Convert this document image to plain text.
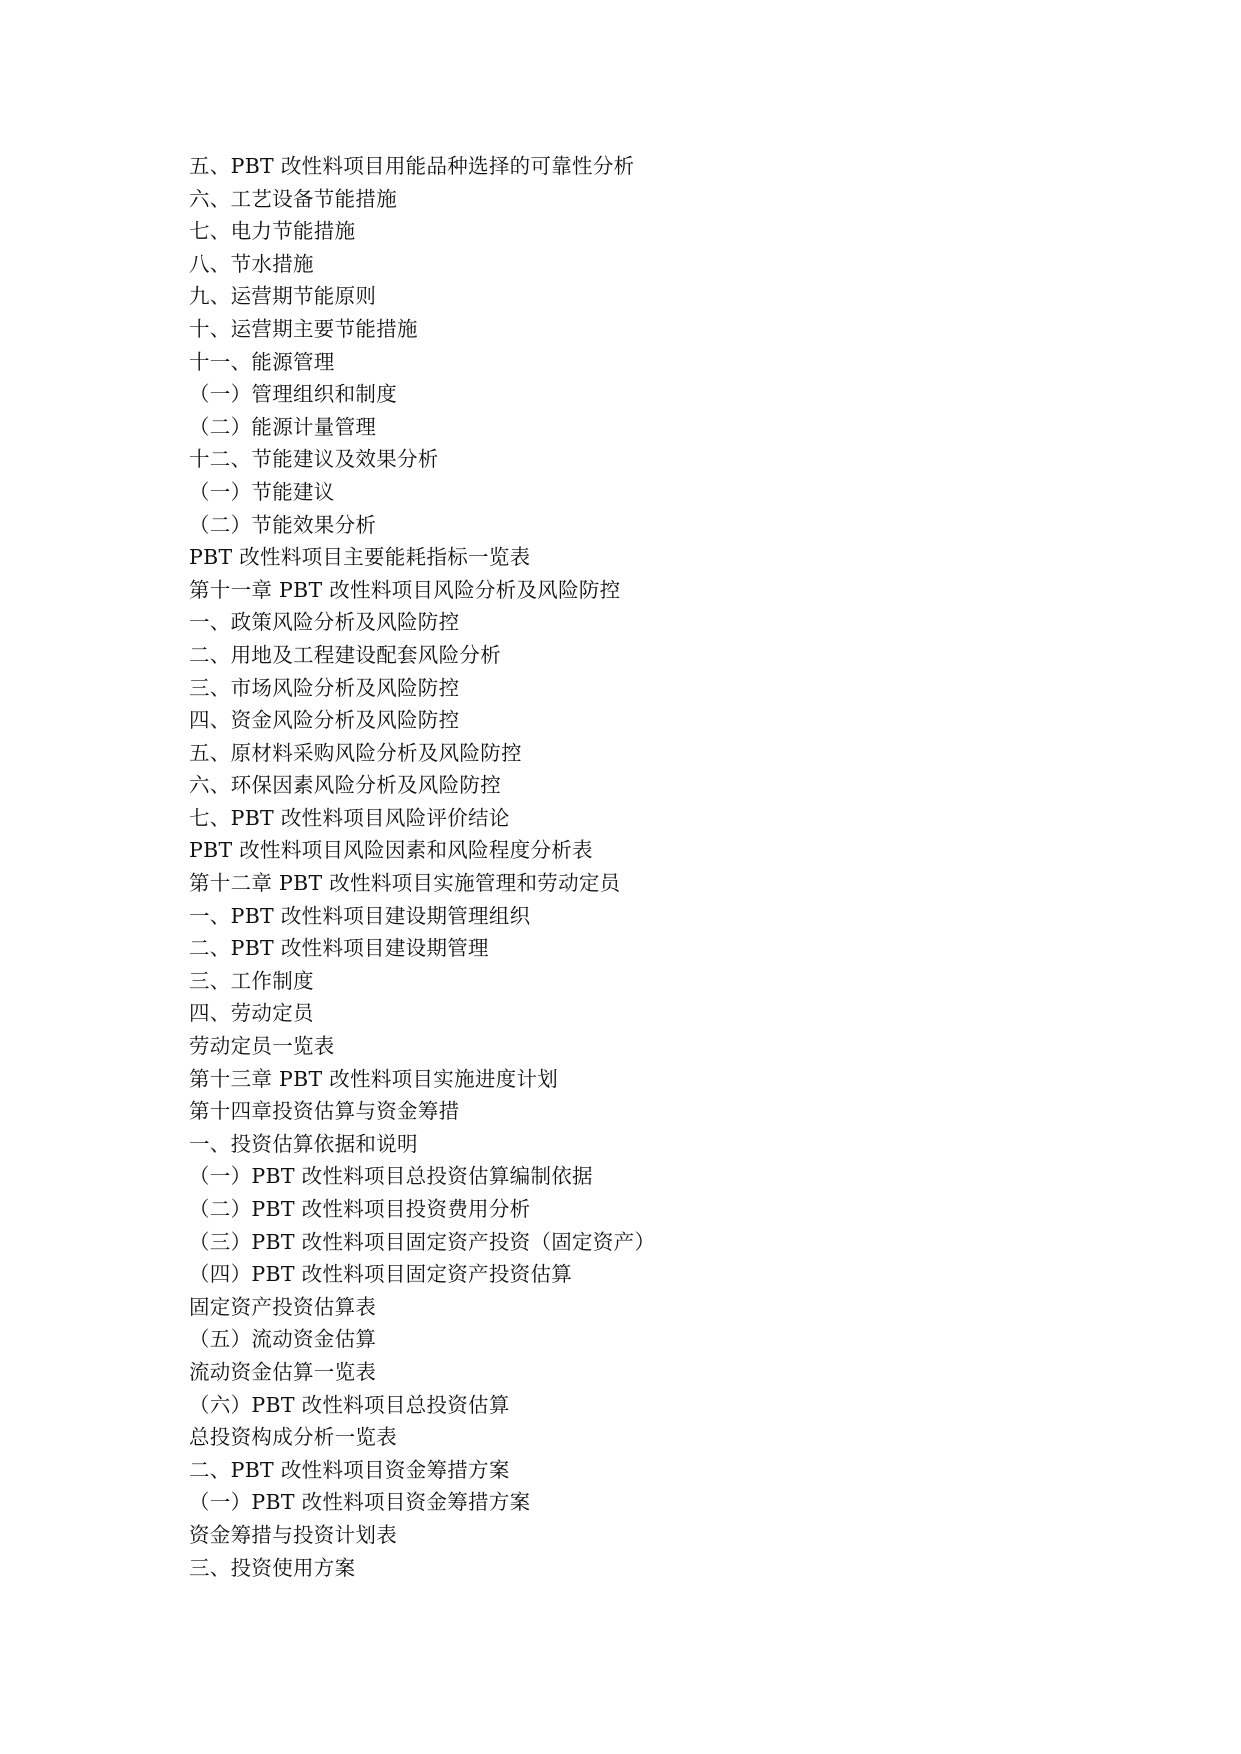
五、PBT 改性料项目用能品种选择的可靠性分析
六、工艺设备节能措施
七、电力节能措施
八、节水措施
九、运营期节能原则
十、运营期主要节能措施
十一、能源管理
（一）管理组织和制度
（二）能源计量管理
十二、节能建议及效果分析
（一）节能建议
（二）节能效果分析
PBT 改性料项目主要能耗指标一览表
第十一章 PBT 改性料项目风险分析及风险防控
一、政策风险分析及风险防控
二、用地及工程建设配套风险分析
三、市场风险分析及风险防控
四、资金风险分析及风险防控
五、原材料采购风险分析及风险防控
六、环保因素风险分析及风险防控
七、PBT 改性料项目风险评价结论
PBT 改性料项目风险因素和风险程度分析表
第十二章 PBT 改性料项目实施管理和劳动定员
一、PBT 改性料项目建设期管理组织
二、PBT 改性料项目建设期管理
三、工作制度
四、劳动定员
劳动定员一览表
第十三章 PBT 改性料项目实施进度计划
第十四章投资估算与资金筹措
一、投资估算依据和说明
（一）PBT 改性料项目总投资估算编制依据
（二）PBT 改性料项目投资费用分析
（三）PBT 改性料项目固定资产投资（固定资产）
（四）PBT 改性料项目固定资产投资估算
固定资产投资估算表
（五）流动资金估算
流动资金估算一览表
（六）PBT 改性料项目总投资估算
总投资构成分析一览表
二、PBT 改性料项目资金筹措方案
（一）PBT 改性料项目资金筹措方案
资金筹措与投资计划表
三、投资使用方案
